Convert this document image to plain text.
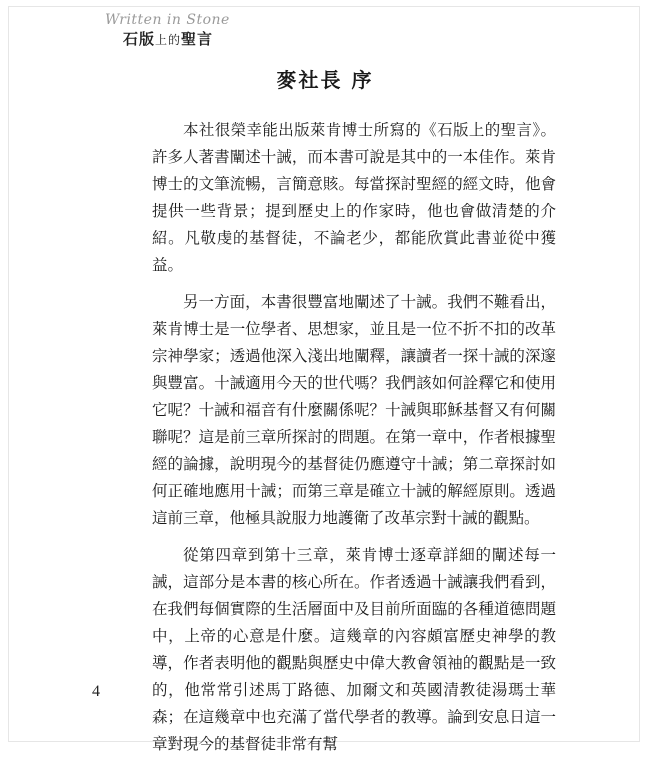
Written in Stone
石版上的聖言
麥社長 序

本社很榮幸能出版萊肯博士所寫的《石版上的聖言》。許多人著書闡述十誡，而本書可說是其中的一本佳作。萊肯博士的文筆流暢，言簡意賅。每當探討聖經的經文時，他會提供一些背景；提到歷史上的作家時，他也會做清楚的介紹。凡敬虔的基督徒，不論老少，都能欣賞此書並從中獲益。

另一方面，本書很豐富地闡述了十誡。我們不難看出，萊肯博士是一位學者、思想家，並且是一位不折不扣的改革宗神學家；透過他深入淺出地闡釋，讓讀者一探十誡的深邃與豐富。十誡適用今天的世代嗎？我們該如何詮釋它和使用它呢？十誡和福音有什麼關係呢？十誡與耶穌基督又有何關聯呢？這是前三章所探討的問題。在第一章中，作者根據聖經的論據，說明現今的基督徒仍應遵守十誡；第二章探討如何正確地應用十誡；而第三章是確立十誡的解經原則。透過這前三章，他極具說服力地護衛了改革宗對十誡的觀點。

從第四章到第十三章，萊肯博士逐章詳細的闡述每一誡，這部分是本書的核心所在。作者透過十誡讓我們看到，在我們每個實際的生活層面中及目前所面臨的各種道德問題中，上帝的心意是什麼。這幾章的內容頗富歷史神學的教導，作者表明他的觀點與歷史中偉大教會領袖的觀點是一致的，他常常引述馬丁路德、加爾文和英國清教徒湯瑪士華森；在這幾章中也充滿了當代學者的教導。論到安息日這一章對現今的基督徒非常有幫

4
